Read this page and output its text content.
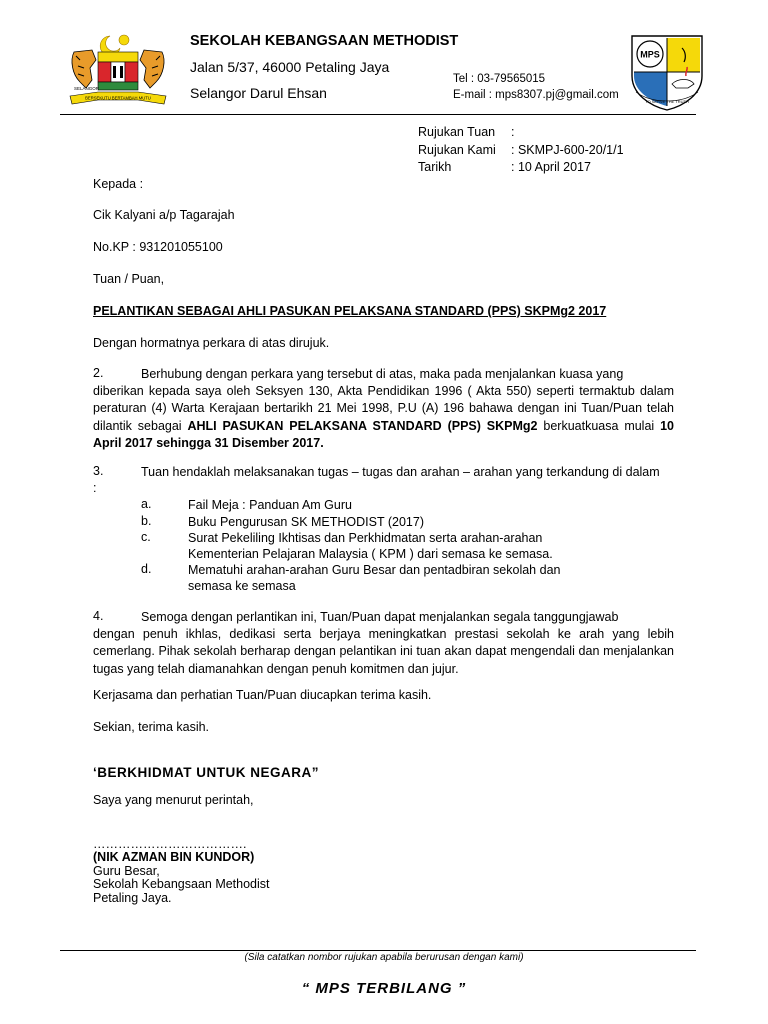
SELANGOR
BERSEKUTU BERTAMBAH MUTU
SEKOLAH KEBANGSAAN METHODIST
Jalan 5/37, 46000 Petaling Jaya
Selangor Darul Ehsan
Tel : 03-79565015
E-mail : mps8307.pj@gmail.com
MPS
TO SERVE THE TRUTH
Rujukan Tuan :
Rujukan Kami : SKMPJ-600-20/1/1
Tarikh	: 10 April 2017
Kepada :
Cik Kalyani a/p Tagarajah
No.KP : 931201055100
Tuan / Puan,
PELANTIKAN SEBAGAI AHLI PASUKAN PELAKSANA STANDARD (PPS) SKPMg2 2017
Dengan hormatnya perkara di atas dirujuk.
2.	Berhubung dengan perkara yang tersebut di atas, maka pada menjalankan kuasa yang
diberikan kepada saya oleh Seksyen 130, Akta Pendidikan 1996 ( Akta 550) seperti termaktub dalam peraturan (4) Warta Kerajaan bertarikh 21 Mei 1998, P.U (A) 196 bahawa dengan ini Tuan/Puan telah dilantik sebagai AHLI PASUKAN PELAKSANA STANDARD (PPS) SKPMg2 berkuatkuasa mulai 10 April 2017 sehingga 31 Disember 2017.
3.	Tuan hendaklah melaksanakan tugas – tugas dan arahan – arahan yang terkandung di dalam
:
a.	Fail Meja : Panduan Am Guru
b.	Buku Pengurusan SK METHODIST (2017)
c.	Surat Pekeliling Ikhtisas dan Perkhidmatan serta arahan-arahan
Kementerian Pelajaran Malaysia ( KPM ) dari semasa ke semasa.
d.	Mematuhi arahan-arahan Guru Besar dan pentadbiran sekolah dan
semasa ke semasa
4.	Semoga dengan perlantikan ini, Tuan/Puan dapat menjalankan segala tanggungjawab
dengan penuh ikhlas, dedikasi serta berjaya meningkatkan prestasi sekolah ke arah yang lebih cemerlang. Pihak sekolah berharap dengan pelantikan ini tuan akan dapat mengendali dan menjalankan tugas yang telah diamanahkan dengan penuh komitmen dan jujur.
Kerjasama dan perhatian Tuan/Puan diucapkan terima kasih.
Sekian, terima kasih.
‘BERKHIDMAT UNTUK NEGARA”
Saya yang menurut perintah,
……………………………….
(NIK AZMAN BIN KUNDOR)
Guru Besar,
Sekolah Kebangsaan Methodist
Petaling Jaya.
(Sila catatkan nombor rujukan apabila berurusan dengan kami)
“ MPS TERBILANG ”
